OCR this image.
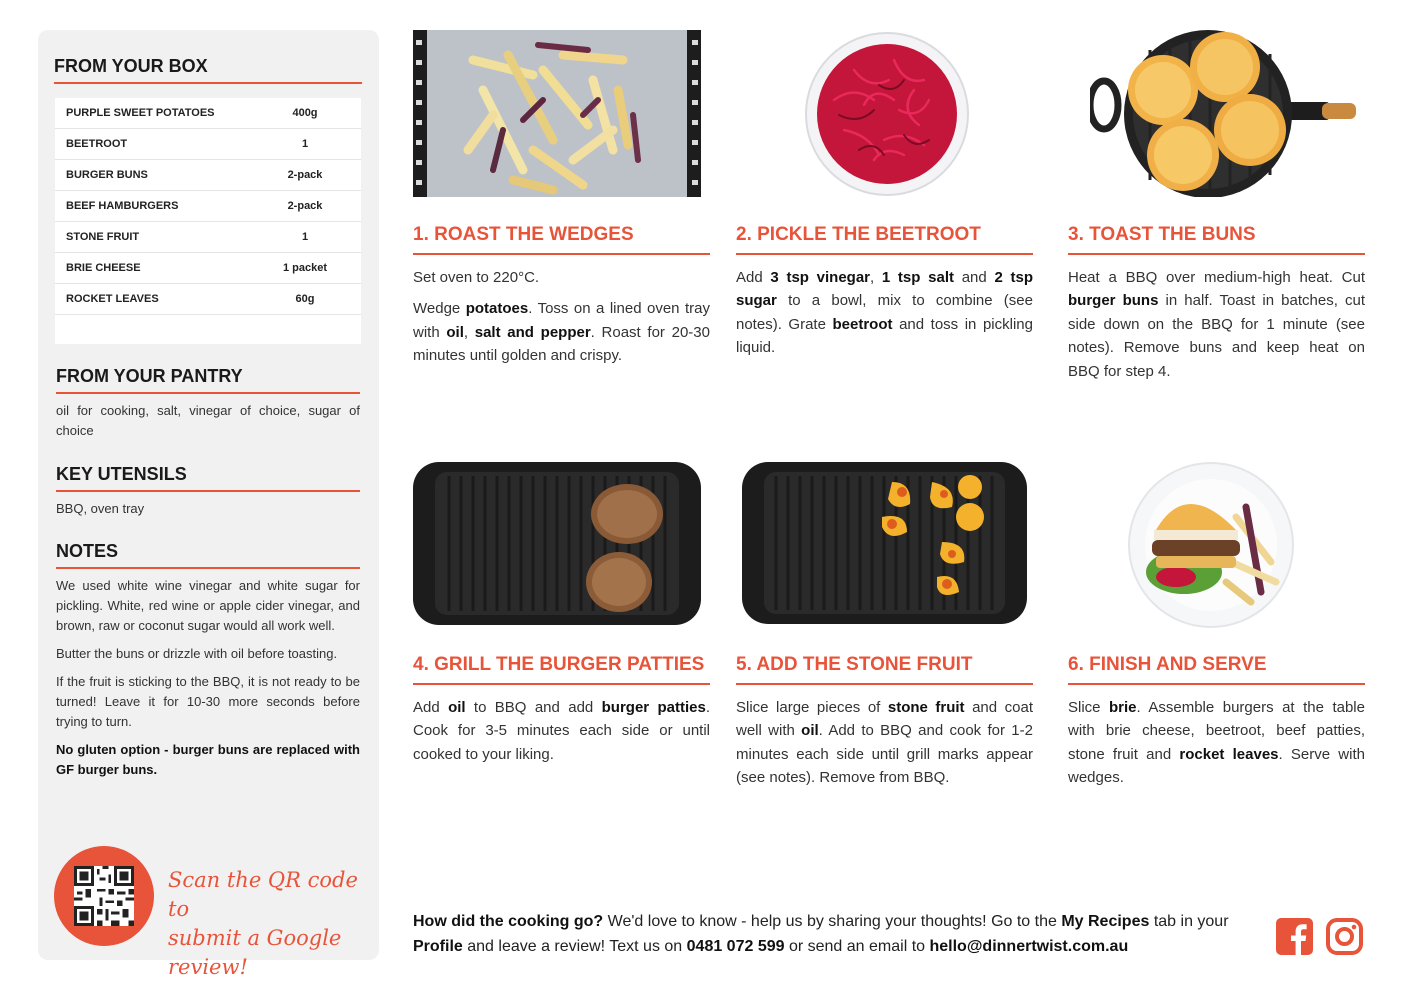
FROM YOUR BOX
PURPLE SWEET POTATOES	400g
BEETROOT	1
BURGER BUNS	2-pack
BEEF HAMBURGERS	2-pack
STONE FRUIT	1
BRIE CHEESE	1 packet
ROCKET LEAVES	60g
FROM YOUR PANTRY
oil for cooking, salt, vinegar of choice, sugar of choice
KEY UTENSILS
BBQ, oven tray
NOTES

We used white wine vinegar and white sugar for pickling. White, red wine or apple cider vinegar, and brown, raw or coconut sugar would all work well.

Butter the buns or drizzle with oil before toasting.

If the fruit is sticking to the BBQ, it is not ready to be turned! Leave it for 10-30 more seconds before trying to turn.

No gluten option - burger buns are replaced with GF burger buns.

Scan the QR code to
submit a Google review!
1. ROAST THE WEDGES

Set oven to 220°C.

Wedge potatoes. Toss on a lined oven tray with oil, salt and pepper. Roast for 20-30 minutes until golden and crispy.

2. PICKLE THE BEETROOT

Add 3 tsp vinegar, 1 tsp salt and 2 tsp sugar to a bowl, mix to combine (see notes). Grate beetroot and toss in pickling liquid.

3. TOAST THE BUNS

Heat a BBQ over medium-high heat. Cut burger buns in half. Toast in batches, cut side down on the BBQ for 1 minute (see notes). Remove buns and keep heat on BBQ for step 4.

4. GRILL THE BURGER PATTIES

Add oil to BBQ and add burger patties. Cook for 3-5 minutes each side or until cooked to your liking.

5. ADD THE STONE FRUIT

Slice large pieces of stone fruit and coat well with oil. Add to BBQ and cook for 1-2 minutes each side until grill marks appear (see notes). Remove from BBQ.

6. FINISH AND SERVE

Slice brie. Assemble burgers at the table with brie cheese, beetroot, beef patties, stone fruit and rocket leaves. Serve with wedges.

How did the cooking go? We'd love to know - help us by sharing your thoughts! Go to the My Recipes tab in your Profile and leave a review! Text us on 0481 072 599 or send an email to hello@dinnertwist.com.au
